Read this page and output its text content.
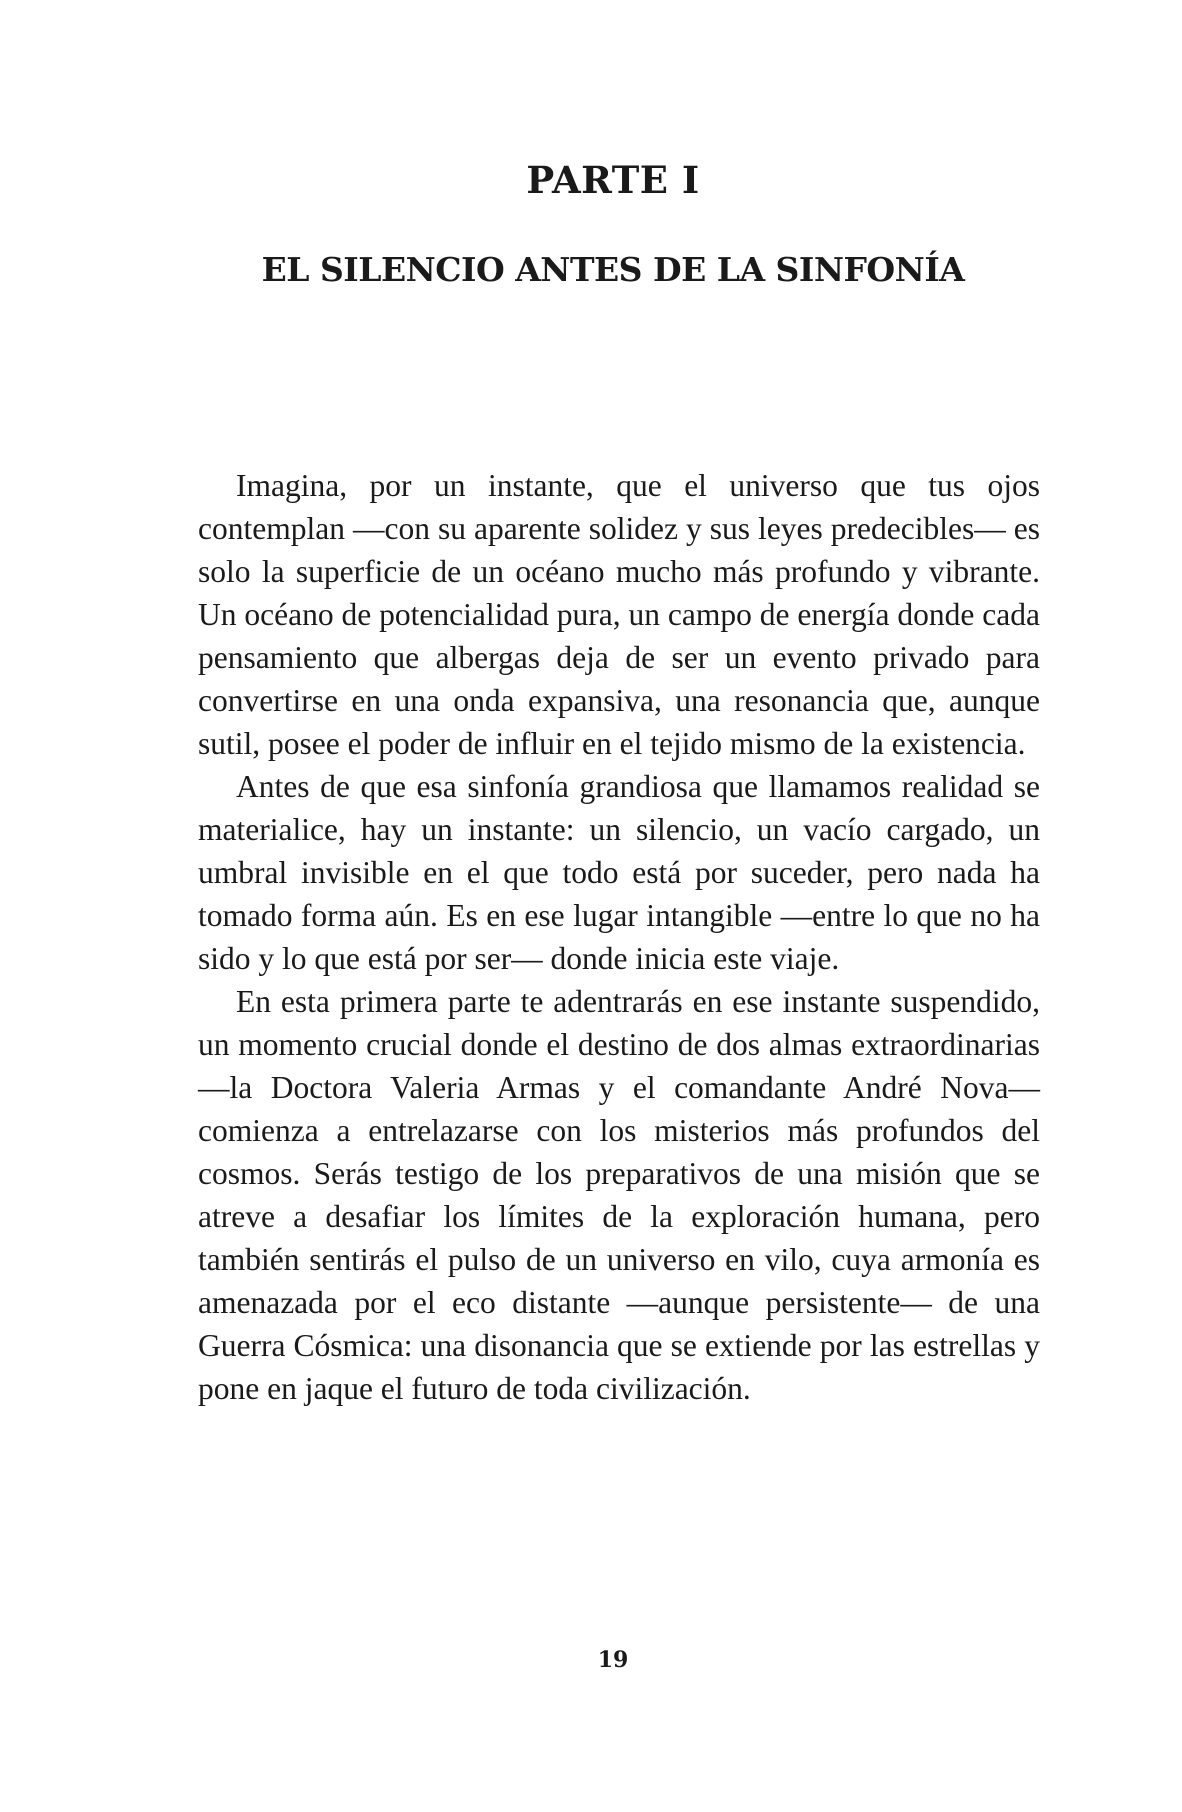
PARTE I
EL SILENCIO ANTES DE LA SINFONÍA

Imagina, por un instante, que el universo que tus ojos contemplan —con su aparente solidez y sus leyes predecibles— es solo la superficie de un océano mucho más profundo y vibrante. Un océano de potencialidad pura, un campo de energía donde cada pensamiento que albergas deja de ser un evento privado para convertirse en una onda expansiva, una resonancia que, aunque sutil, posee el poder de influir en el tejido mismo de la existencia.

Antes de que esa sinfonía grandiosa que llamamos realidad se materialice, hay un instante: un silencio, un vacío cargado, un umbral invisible en el que todo está por suceder, pero nada ha tomado forma aún. Es en ese lugar intangible —entre lo que no ha sido y lo que está por ser— donde inicia este viaje.

En esta primera parte te adentrarás en ese instante suspendido, un momento crucial donde el destino de dos almas extraordinarias —la Doctora Valeria Armas y el comandante André Nova— comienza a entrelazarse con los misterios más profundos del cosmos. Serás testigo de los preparativos de una misión que se atreve a desafiar los límites de la exploración humana, pero también sentirás el pulso de un universo en vilo, cuya armonía es amenazada por el eco distante —aunque persistente— de una Guerra Cósmica: una disonancia que se extiende por las estrellas y pone en jaque el futuro de toda civilización.

19
